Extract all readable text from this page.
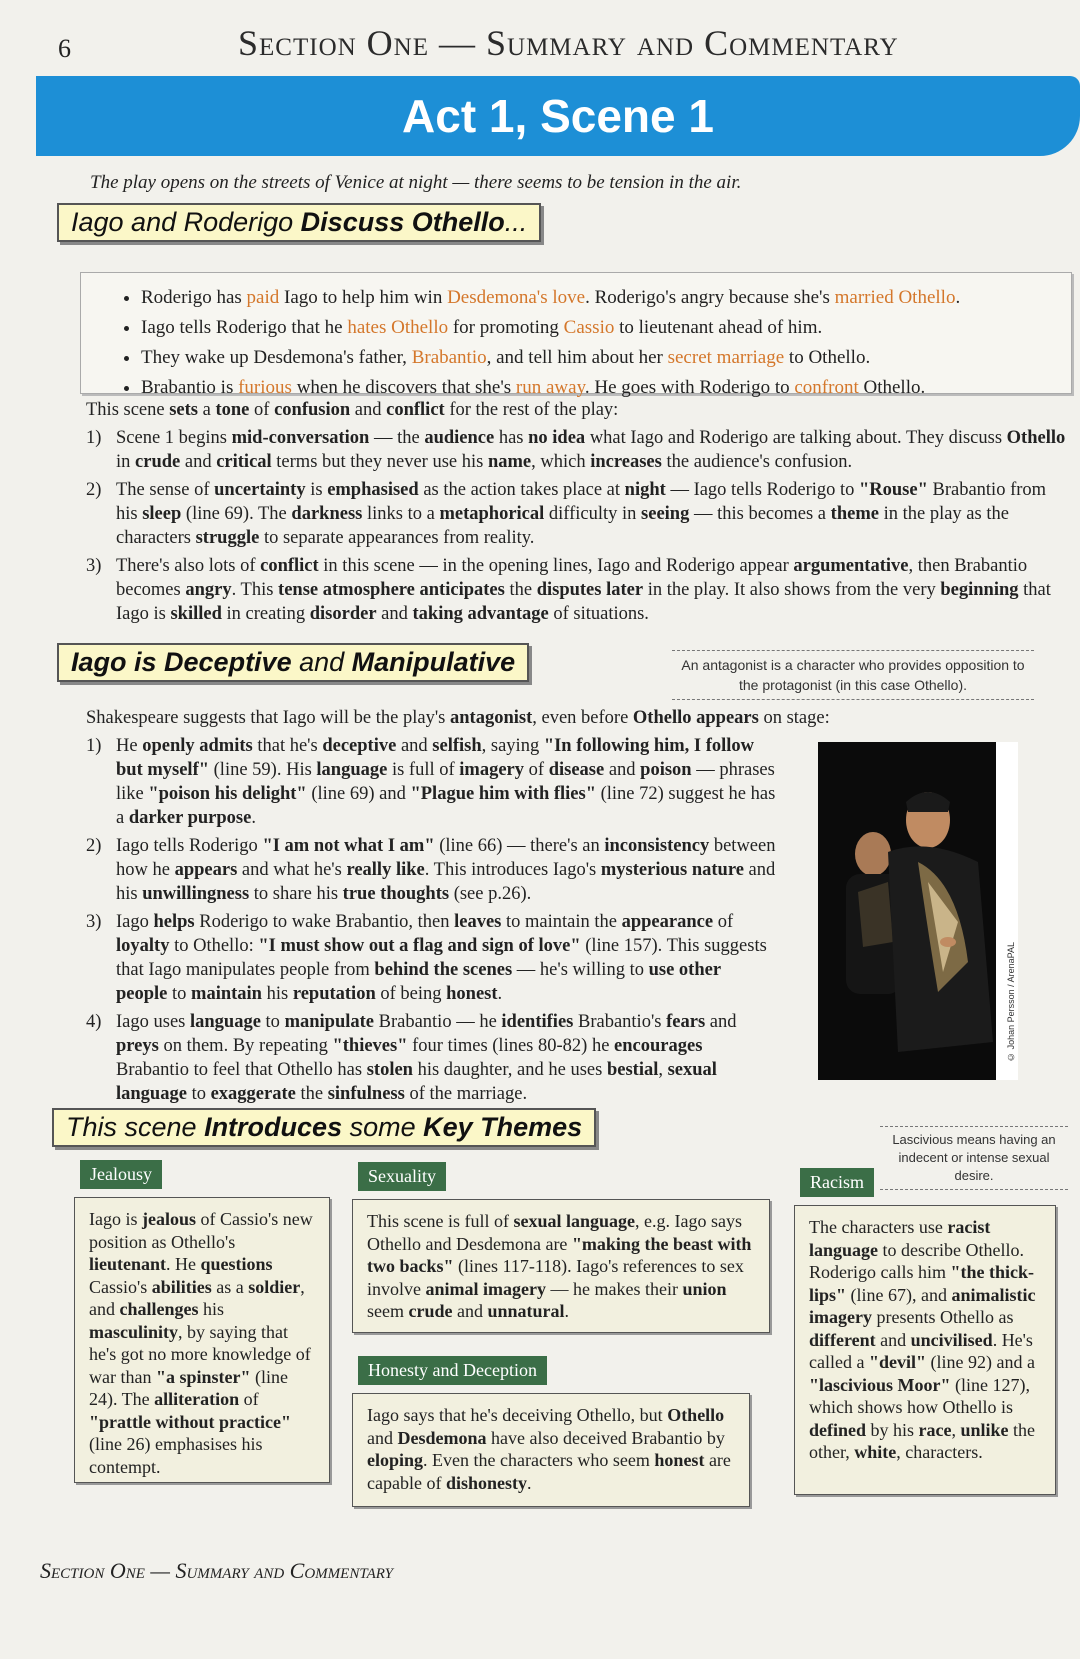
6	Section One — Summary and Commentary
Act 1, Scene 1
The play opens on the streets of Venice at night — there seems to be tension in the air.
Iago and Roderigo Discuss Othello...
• Roderigo has paid Iago to help him win Desdemona's love. Roderigo's angry because she's married Othello.
• Iago tells Roderigo that he hates Othello for promoting Cassio to lieutenant ahead of him.
• They wake up Desdemona's father, Brabantio, and tell him about her secret marriage to Othello.
• Brabantio is furious when he discovers that she's run away. He goes with Roderigo to confront Othello.
This scene sets a tone of confusion and conflict for the rest of the play:
1) Scene 1 begins mid-conversation — the audience has no idea what Iago and Roderigo are talking about. They discuss Othello in crude and critical terms but they never use his name, which increases the audience's confusion.
2) The sense of uncertainty is emphasised as the action takes place at night — Iago tells Roderigo to "Rouse" Brabantio from his sleep (line 69). The darkness links to a metaphorical difficulty in seeing — this becomes a theme in the play as the characters struggle to separate appearances from reality.
3) There's also lots of conflict in this scene — in the opening lines, Iago and Roderigo appear argumentative, then Brabantio becomes angry. This tense atmosphere anticipates the disputes later in the play. It also shows from the very beginning that Iago is skilled in creating disorder and taking advantage of situations.
Iago is Deceptive and Manipulative	An antagonist is a character who provides opposition to the protagonist (in this case Othello).
Shakespeare suggests that Iago will be the play's antagonist, even before Othello appears on stage:
1) He openly admits that he's deceptive and selfish, saying "In following him, I follow but myself" (line 59). His language is full of imagery of disease and poison — phrases like "poison his delight" (line 69) and "Plague him with flies" (line 72) suggest he has a darker purpose.
2) Iago tells Roderigo "I am not what I am" (line 66) — there's an inconsistency between how he appears and what he's really like. This introduces Iago's mysterious nature and his unwillingness to share his true thoughts (see p.26).
3) Iago helps Roderigo to wake Brabantio, then leaves to maintain the appearance of loyalty to Othello: "I must show out a flag and sign of love" (line 157). This suggests that Iago manipulates people from behind the scenes — he's willing to use other people to maintain his reputation of being honest.
4) Iago uses language to manipulate Brabantio — he identifies Brabantio's fears and preys on them. By repeating "thieves" four times (lines 80-82) he encourages Brabantio to feel that Othello has stolen his daughter, and he uses bestial, sexual language to exaggerate the sinfulness of the marriage.
© Johan Persson / ArenaPAL
This scene Introduces some Key Themes	Lascivious means having an indecent or intense sexual desire.
Jealousy
Iago is jealous of Cassio's new position as Othello's lieutenant. He questions Cassio's abilities as a soldier, and challenges his masculinity, by saying that he's got no more knowledge of war than "a spinster" (line 24). The alliteration of "prattle without practice" (line 26) emphasises his contempt.
Sexuality
This scene is full of sexual language, e.g. Iago says Othello and Desdemona are "making the beast with two backs" (lines 117-118). Iago's references to sex involve animal imagery — he makes their union seem crude and unnatural.
Honesty and Deception
Iago says that he's deceiving Othello, but Othello and Desdemona have also deceived Brabantio by eloping. Even the characters who seem honest are capable of dishonesty.
Racism
The characters use racist language to describe Othello. Roderigo calls him "the thick-lips" (line 67), and animalistic imagery presents Othello as different and uncivilised. He's called a "devil" (line 92) and a "lascivious Moor" (line 127), which shows how Othello is defined by his race, unlike the other, white, characters.
Section One — Summary and Commentary
